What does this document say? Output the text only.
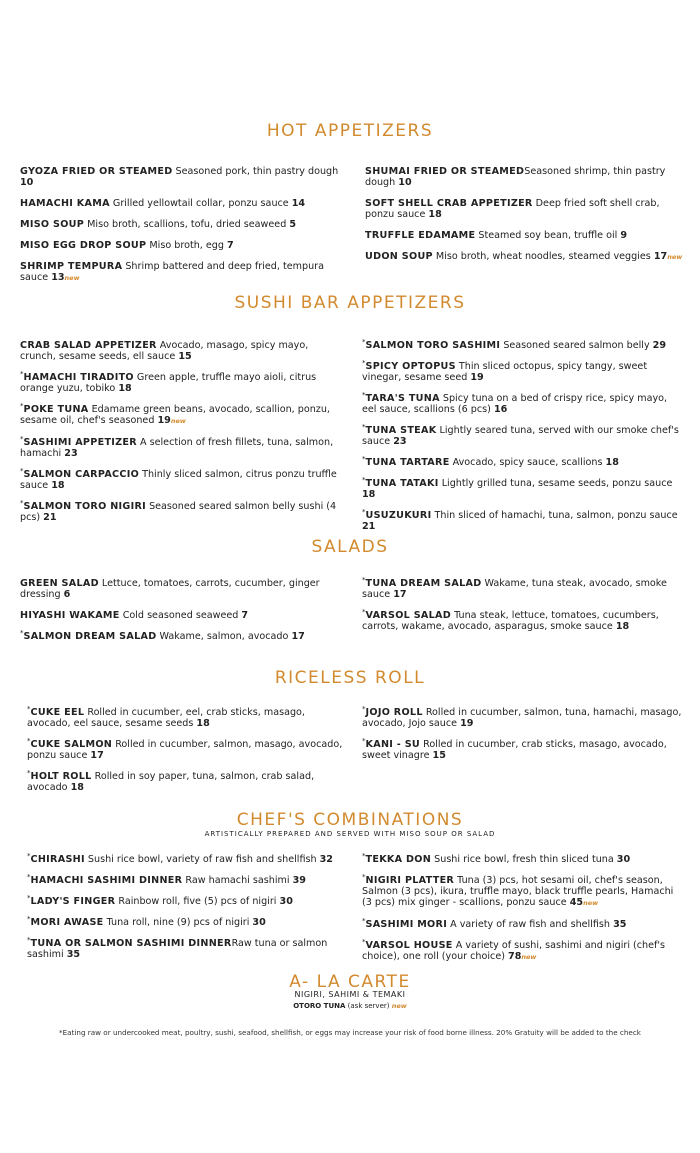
HOT APPETIZERS
GYOZA FRIED OR STEAMED Seasoned pork, thin pastry dough 10
HAMACHI KAMA Grilled yellowtail collar, ponzu sauce 14
MISO SOUP Miso broth, scallions, tofu, dried seaweed 5
MISO EGG DROP SOUP Miso broth, egg 7
SHRIMP TEMPURA Shrimp battered and deep fried, tempura sauce 13new
SHUMAI FRIED OR STEAMEDSeasoned shrimp, thin pastry dough 10
SOFT SHELL CRAB APPETIZER Deep fried soft shell crab, ponzu sauce 18
TRUFFLE EDAMAME Steamed soy bean, truffle oil 9
UDON SOUP Miso broth, wheat noodles, steamed veggies 17new
SUSHI BAR APPETIZERS
CRAB SALAD APPETIZER Avocado, masago, spicy mayo, crunch, sesame seeds, ell sauce 15
*HAMACHI TIRADITO Green apple, truffle mayo aioli, citrus orange yuzu, tobiko 18
*POKE TUNA Edamame green beans, avocado, scallion, ponzu, sesame oil, chef's seasoned 19new
*SASHIMI APPETIZER A selection of fresh fillets, tuna, salmon, hamachi 23
*SALMON CARPACCIO Thinly sliced salmon, citrus ponzu truffle sauce 18
*SALMON TORO NIGIRI Seasoned seared salmon belly sushi (4 pcs) 21
*SALMON TORO SASHIMI Seasoned seared salmon belly 29
*SPICY OPTOPUS Thin sliced octopus, spicy tangy, sweet vinegar, sesame seed 19
*TARA'S TUNA Spicy tuna on a bed of crispy rice, spicy mayo, eel sauce, scallions (6 pcs) 16
*TUNA STEAK Lightly seared tuna, served with our smoke chef's sauce 23
*TUNA TARTARE Avocado, spicy sauce, scallions 18
*TUNA TATAKI Lightly grilled tuna, sesame seeds, ponzu sauce 18
*USUZUKURI Thin sliced of hamachi, tuna, salmon, ponzu sauce 21
SALADS
GREEN SALAD Lettuce, tomatoes, carrots, cucumber, ginger dressing 6
HIYASHI WAKAME Cold seasoned seaweed 7
*SALMON DREAM SALAD Wakame, salmon, avocado 17
*TUNA DREAM SALAD Wakame, tuna steak, avocado, smoke sauce 17
*VARSOL SALAD Tuna steak, lettuce, tomatoes, cucumbers, carrots, wakame, avocado, asparagus, smoke sauce 18
RICELESS ROLL
*CUKE EEL Rolled in cucumber, eel, crab sticks, masago, avocado, eel sauce, sesame seeds 18
*CUKE SALMON Rolled in cucumber, salmon, masago, avocado, ponzu sauce 17
*HOLT ROLL Rolled in soy paper, tuna, salmon, crab salad, avocado 18
*JOJO ROLL Rolled in cucumber, salmon, tuna, hamachi, masago, avocado, Jojo sauce 19
*KANI - SU Rolled in cucumber, crab sticks, masago, avocado, sweet vinagre 15
CHEF'S COMBINATIONS
ARTISTICALLY PREPARED AND SERVED WITH MISO SOUP OR SALAD
*CHIRASHI Sushi rice bowl, variety of raw fish and shellfish 32
*HAMACHI SASHIMI DINNER Raw hamachi sashimi 39
*LADY'S FINGER Rainbow roll, five (5) pcs of nigiri 30
*MORI AWASE Tuna roll, nine (9) pcs of nigiri 30
*TUNA OR SALMON SASHIMI DINNERRaw tuna or salmon sashimi 35
*TEKKA DON Sushi rice bowl, fresh thin sliced tuna 30
*NIGIRI PLATTER Tuna (3) pcs, hot sesami oil, chef's season, Salmon (3 pcs), ikura, truffle mayo, black truffle pearls, Hamachi (3 pcs) mix ginger - scallions, ponzu sauce 45new
*SASHIMI MORI A variety of raw fish and shellfish 35
*VARSOL HOUSE A variety of sushi, sashimi and nigiri (chef's choice), one roll (your choice) 78new
A- LA CARTE
NIGIRI, SAHIMI & TEMAKI
OTORO TUNA (ask server) new
*Eating raw or undercooked meat, poultry, sushi, seafood, shellfish, or eggs may increase your risk of food borne illness. 20% Gratuity will be added to the check
